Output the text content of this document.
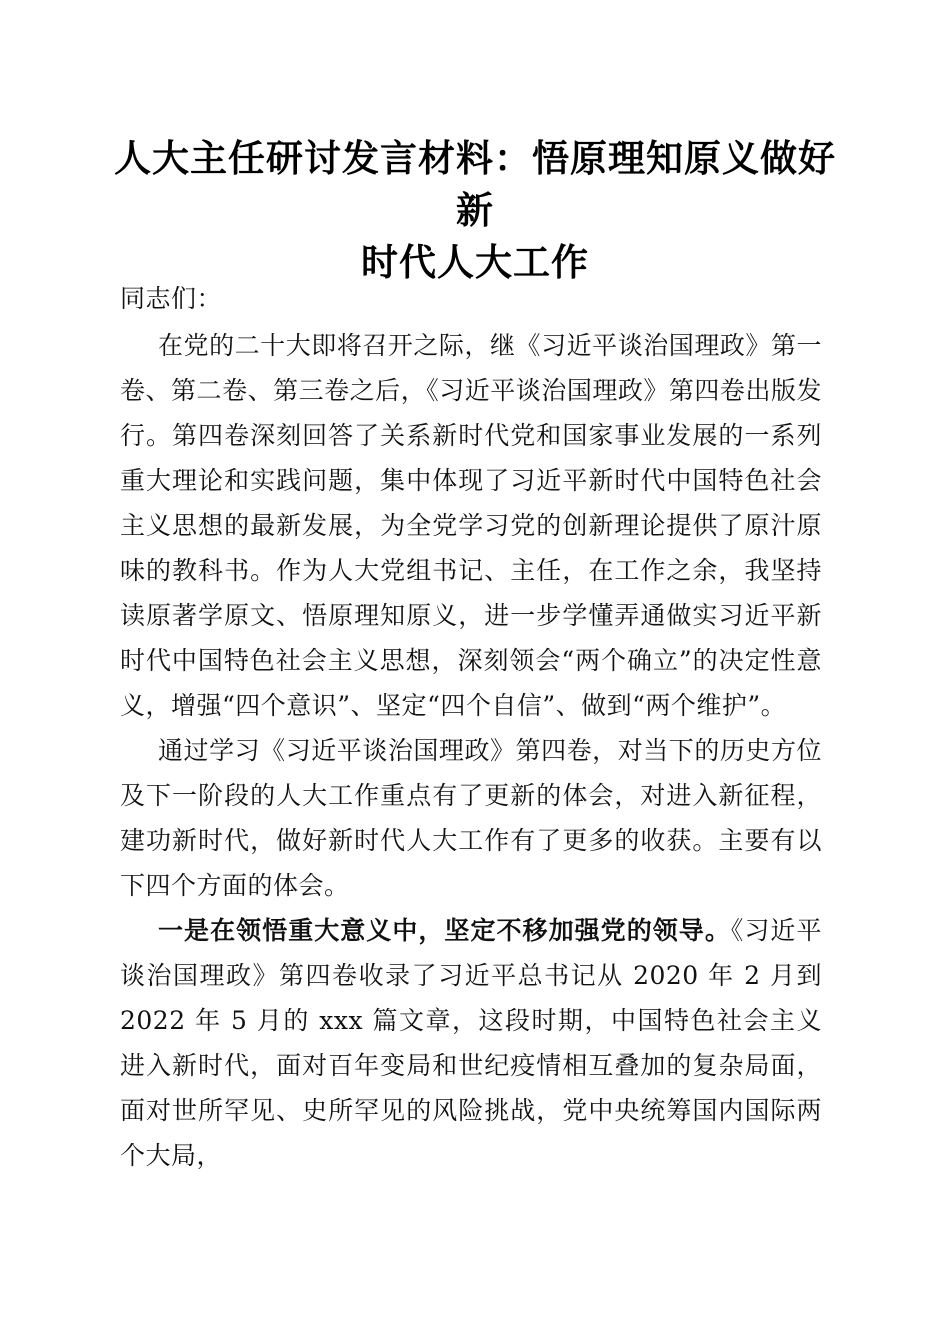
人大主任研讨发言材料：悟原理知原义做好新
时代人大工作

同志们：

在党的二十大即将召开之际，继《习近平谈治国理政》第一卷、第二卷、第三卷之后，《习近平谈治国理政》第四卷出版发行。第四卷深刻回答了关系新时代党和国家事业发展的一系列重大理论和实践问题，集中体现了习近平新时代中国特色社会主义思想的最新发展，为全党学习党的创新理论提供了原汁原味的教科书。作为人大党组书记、主任，在工作之余，我坚持读原著学原文、悟原理知原义，进一步学懂弄通做实习近平新时代中国特色社会主义思想，深刻领会“两个确立”的决定性意义，增强“四个意识”、坚定“四个自信”、做到“两个维护”。

通过学习《习近平谈治国理政》第四卷，对当下的历史方位及下一阶段的人大工作重点有了更新的体会，对进入新征程，建功新时代，做好新时代人大工作有了更多的收获。主要有以下四个方面的体会。

一是在领悟重大意义中，坚定不移加强党的领导。《习近平谈治国理政》第四卷收录了习近平总书记从 2020 年 2 月到 2022 年 5 月的 xxx 篇文章，这段时期，中国特色社会主义进入新时代，面对百年变局和世纪疫情相互叠加的复杂局面，面对世所罕见、史所罕见的风险挑战，党中央统筹国内国际两个大局，
